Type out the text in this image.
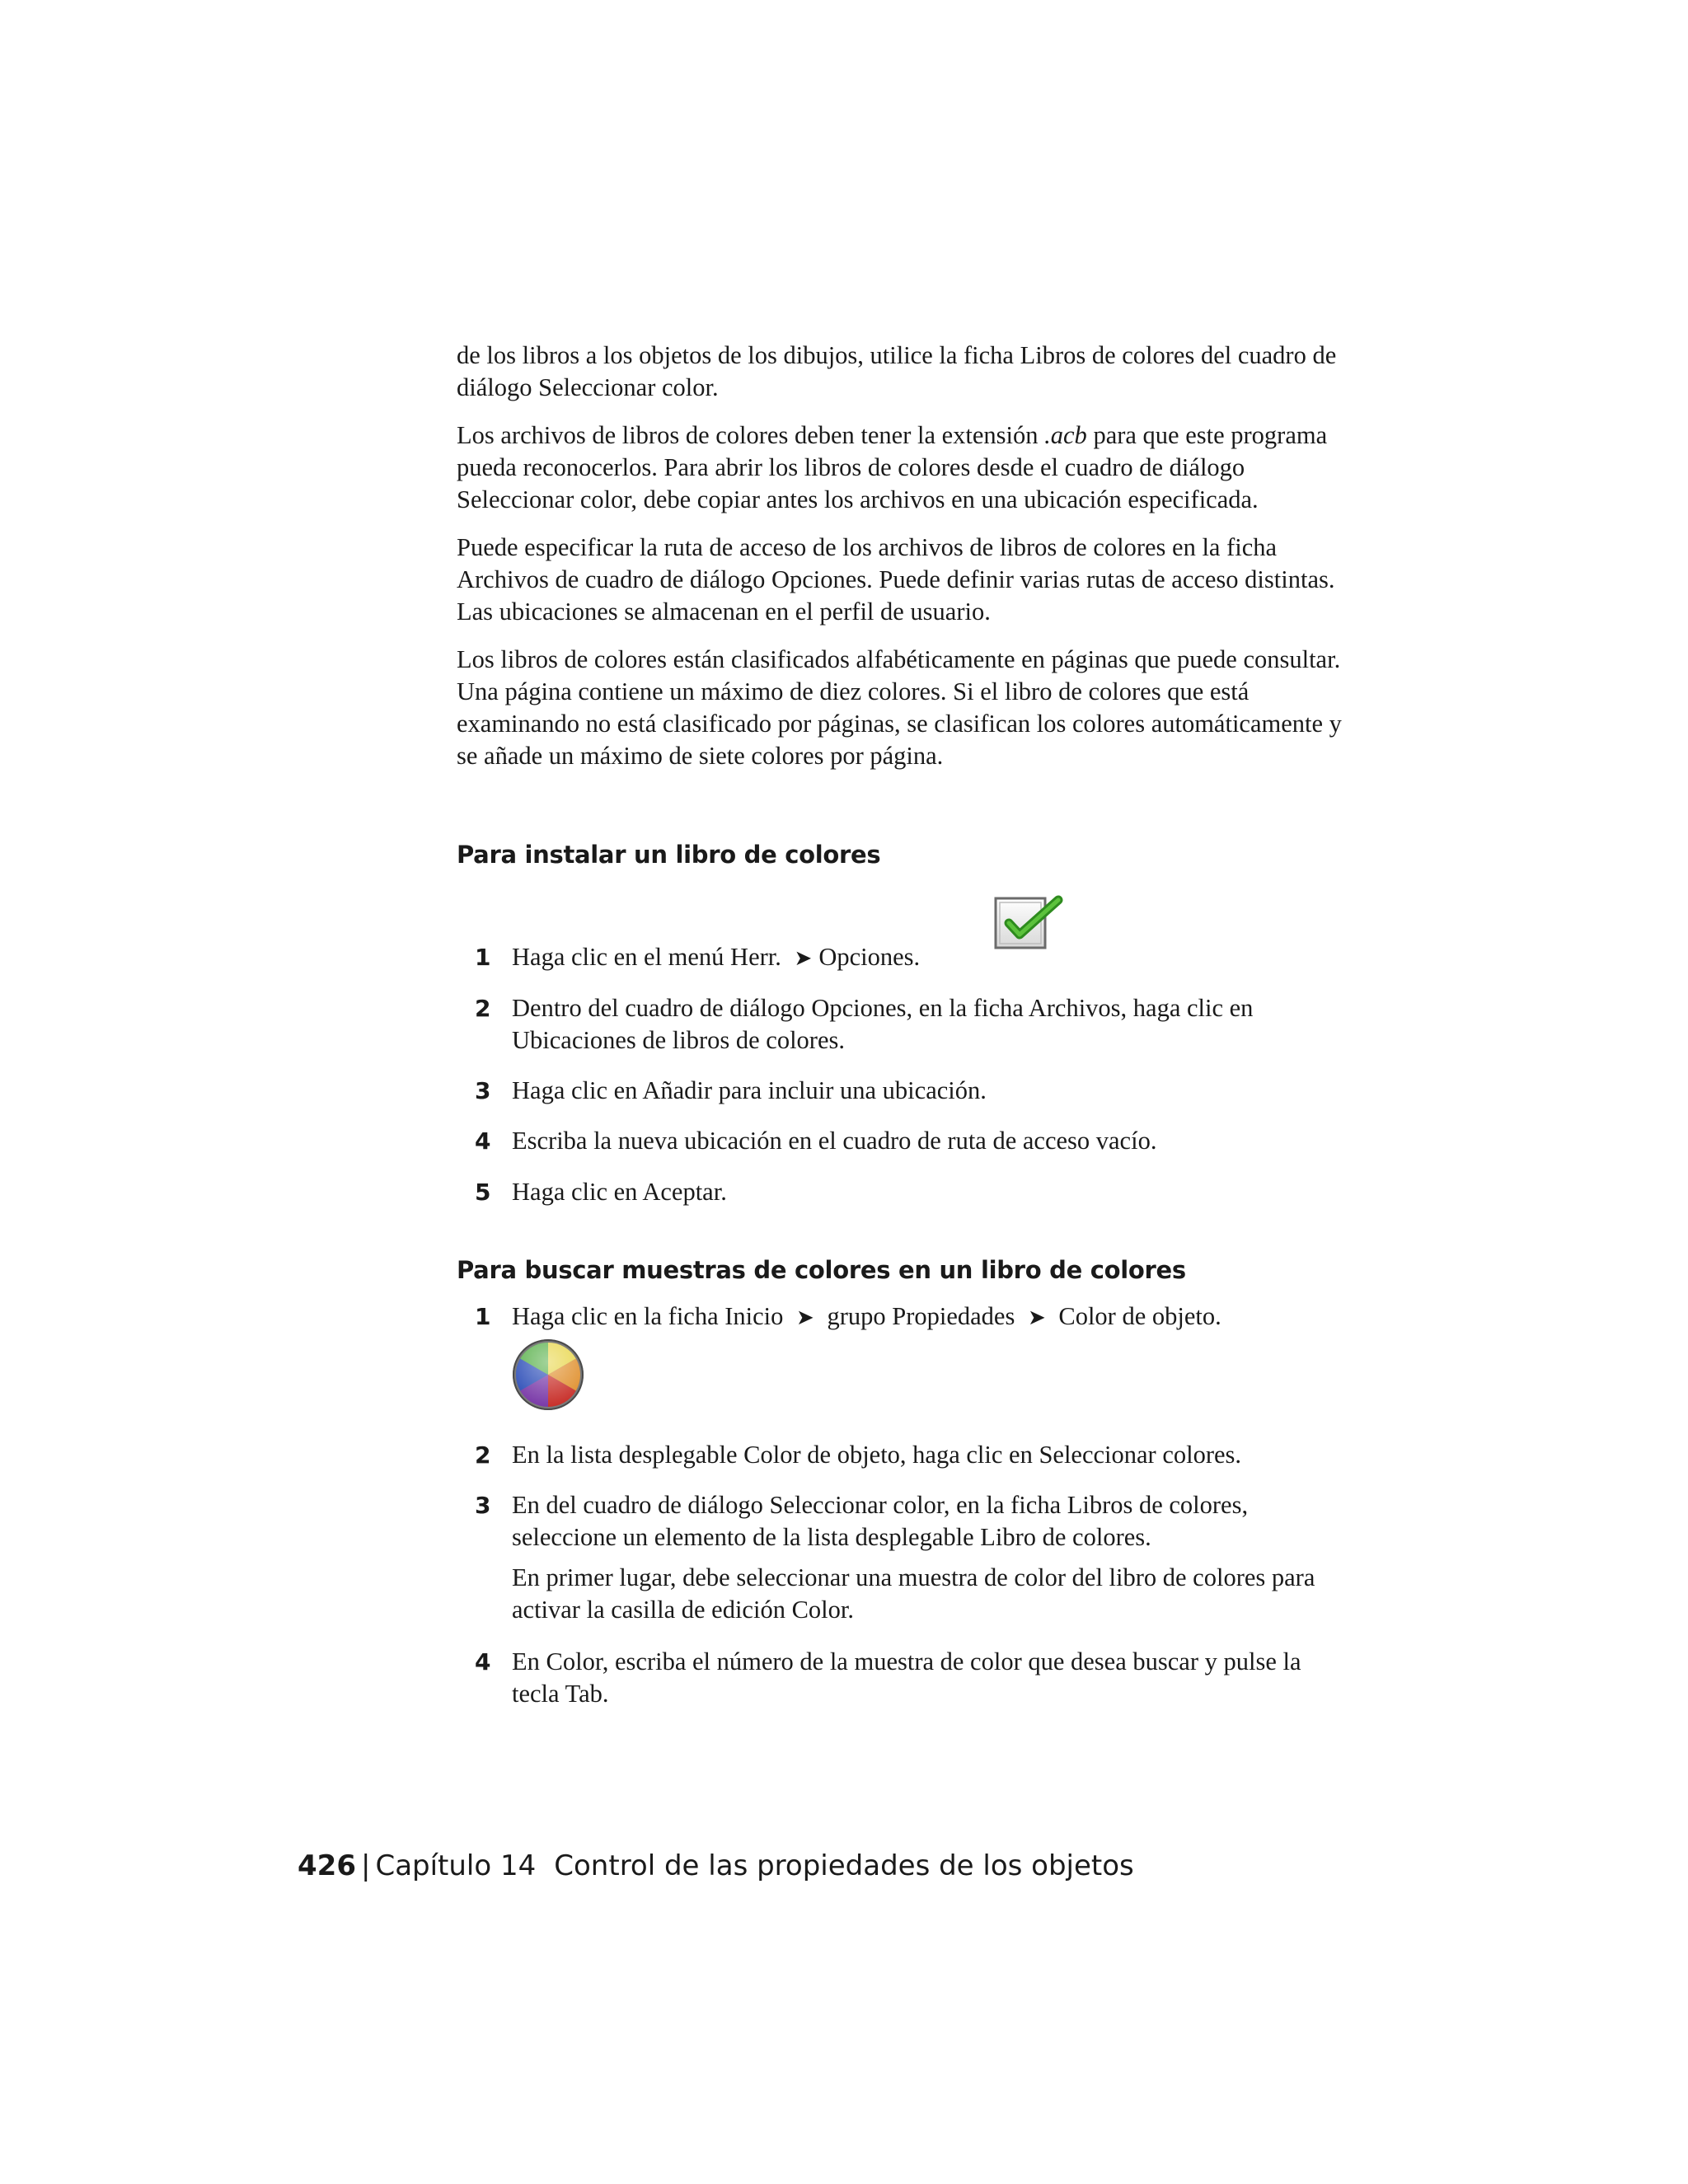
de los libros a los objetos de los dibujos, utilice la ficha Libros de colores del cuadro de diálogo Seleccionar color.

Los archivos de libros de colores deben tener la extensión .acb para que este programa pueda reconocerlos. Para abrir los libros de colores desde el cuadro de diálogo Seleccionar color, debe copiar antes los archivos en una ubicación especificada.

Puede especificar la ruta de acceso de los archivos de libros de colores en la ficha Archivos de cuadro de diálogo Opciones. Puede definir varias rutas de acceso distintas. Las ubicaciones se almacenan en el perfil de usuario.

Los libros de colores están clasificados alfabéticamente en páginas que puede consultar. Una página contiene un máximo de diez colores. Si el libro de colores que está examinando no está clasificado por páginas, se clasifican los colores automáticamente y se añade un máximo de siete colores por página.

Para instalar un libro de colores
1 Haga clic en el menú Herr. ➤ Opciones.
2 Dentro del cuadro de diálogo Opciones, en la ficha Archivos, haga clic en Ubicaciones de libros de colores.
3 Haga clic en Añadir para incluir una ubicación.
4 Escriba la nueva ubicación en el cuadro de ruta de acceso vacío.
5 Haga clic en Aceptar.
Para buscar muestras de colores en un libro de colores
1 Haga clic en la ficha Inicio ➤ grupo Propiedades ➤ Color de objeto.
2 En la lista desplegable Color de objeto, haga clic en Seleccionar colores.
3 En del cuadro de diálogo Seleccionar color, en la ficha Libros de colores, seleccione un elemento de la lista desplegable Libro de colores.
En primer lugar, debe seleccionar una muestra de color del libro de colores para activar la casilla de edición Color.
4 En Color, escriba el número de la muestra de color que desea buscar y pulse la tecla Tab.
426 | Capítulo 14 Control de las propiedades de los objetos
